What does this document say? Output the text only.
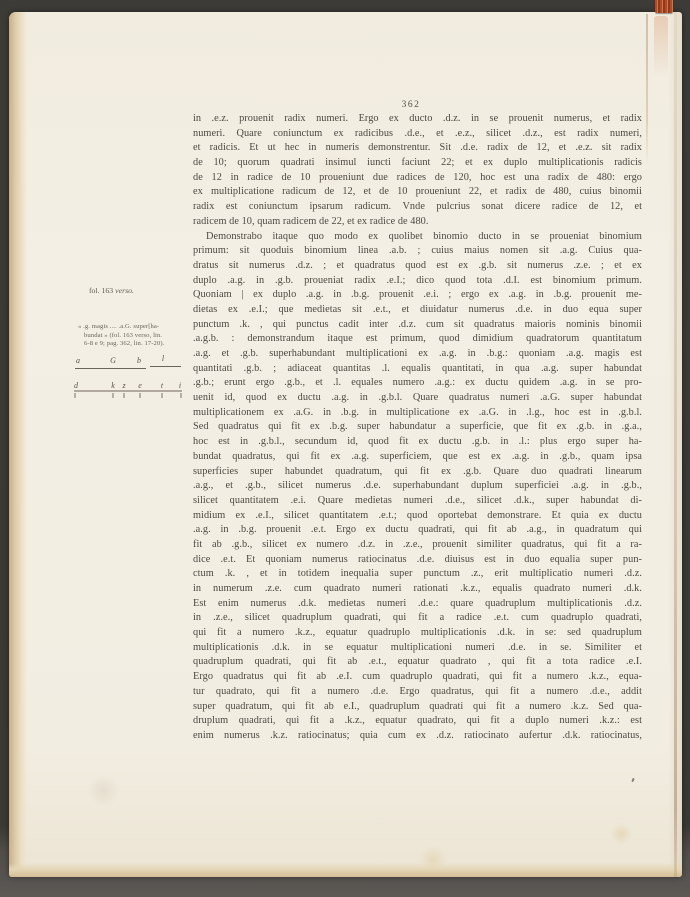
362
fol. 163 verso.
« .g. magis .... .a.G. super[ha-
bundat » (fol. 163 verso, lin.
6-8 e 9; pag. 362, lin. 17-20).
a	G	b	l
d	k z e t i
in .e.z. prouenit radix numeri. Ergo ex ducto .d.z. in se prouenit numerus, et radix
numeri. Quare coniunctum ex radicibus .d.e., et .e.z., silicet .d.z., est radix numeri,
et radicis. Et ut hec in numeris demonstrentur. Sit .d.e. radix de 12, et .e.z. sit radix
de 10; quorum quadrati insimul iuncti faciunt 22; et ex duplo multiplicationis radicis
de 12 in radice de 10 proueniunt due radices de 120, hoc est una radix de 480: ergo
ex multiplicatione radicum de 12, et de 10 proueniunt 22, et radix de 480, cuius binomii
radix est coniunctum ipsarum radicum. Vnde pulcrius sonat dicere radice de 12, et
radicem de 10, quam radicem de 22, et ex radice de 480.
Demonstrabo itaque quo modo ex quolibet binomio ducto in se proueniat binomium
primum: sit quoduis binomium linea .a.b. ; cuius maius nomen sit .a.g. Cuius qua-
dratus sit numerus .d.z. ; et quadratus quod est ex .g.b. sit numerus .z.e. ; et ex
duplo .a.g. in .g.b. proueniat radix .e.I.; dico quod tota .d.I. est binomium primum.
Quoniam | ex duplo .a.g. in .b.g. prouenit .e.i. ; ergo ex .a.g. in .b.g. prouenit me-
dietas ex .e.I.; que medietas sit .e.t., et diuidatur numerus .d.e. in duo equa super
punctum .k. , qui punctus cadit inter .d.z. cum sit quadratus maioris nominis binomii
.a.g.b. : demonstrandum itaque est primum, quod dimidium quadratorum quantitatum
.a.g. et .g.b. superhabundant multiplicationi ex .a.g. in .b.g.: quoniam .a.g. magis est
quantitati .g.b. ; adiaceat quantitas .l. equalis quantitati, in qua .a.g. super habundat
.g.b.; erunt ergo .g.b., et .l. equales numero .a.g.: ex ductu quidem .a.g. in se pro-
uenit id, quod ex ductu .a.g. in .g.b.l. Quare quadratus numeri .a.G. super habundat
multiplicationem ex .a.G. in .b.g. in multiplicatione ex .a.G. in .l.g., hoc est in .g.b.l.
Sed quadratus qui fit ex .b.g. super habundatur a superficie, que fit ex .g.b. in .g.a.,
hoc est in .g.b.l., secundum id, quod fit ex ductu .g.b. in .l.: plus ergo super ha-
bundat quadratus, qui fit ex .a.g. superficiem, que est ex .a.g. in .g.b., quam ipsa
superficies super habundet quadratum, qui fit ex .g.b. Quare duo quadrati linearum
.a.g., et .g.b., silicet numerus .d.e. superhabundant duplum superficiei .a.g. in .g.b.,
silicet quantitatem .e.i. Quare medietas numeri .d.e., silicet .d.k., super habundat di-
midium ex .e.I., silicet quantitatem .e.t.; quod oportebat demonstrare. Et quia ex ductu
.a.g. in .b.g. prouenit .e.t. Ergo ex ductu quadrati, qui fit ab .a.g., in quadratum qui
fit ab .g.b., silicet ex numero .d.z. in .z.e., prouenit similiter quadratus, qui fit a ra-
dice .e.t. Et quoniam numerus ratiocinatus .d.e. diuisus est in duo equalia super pun-
ctum .k. , et in totidem inequalia super punctum .z., erit multiplicatio numeri .d.z.
in numerum .z.e. cum quadrato numeri rationati .k.z., equalis quadrato numeri .d.k.
Est enim numerus .d.k. medietas numeri .d.e.: quare quadruplum multiplicationis .d.z.
in .z.e., silicet quadruplum quadrati, qui fit a radice .e.t. cum quadruplo quadrati,
qui fit a numero .k.z., equatur quadruplo multiplicationis .d.k. in se: sed quadruplum
multiplicationis .d.k. in se equatur multiplicationi numeri .d.e. in se. Similiter et
quadruplum quadrati, qui fit ab .e.t., equatur quadrato , qui fit a tota radice .e.I.
Ergo quadratus qui fit ab .e.I. cum quadruplo quadrati, qui fit a numero .k.z., equa-
tur quadrato, qui fit a numero .d.e. Ergo quadratus, qui fit a numero .d.e., addit
super quadratum, qui fit ab e.I., quadruplum quadrati qui fit a numero .k.z. Sed qua-
druplum quadrati, qui fit a .k.z., equatur quadrato, qui fit a duplo numeri .k.z.: est
enim numerus .k.z. ratiocinatus; quia cum ex .d.z. ratiocinato aufertur .d.k. ratiocinatus,
